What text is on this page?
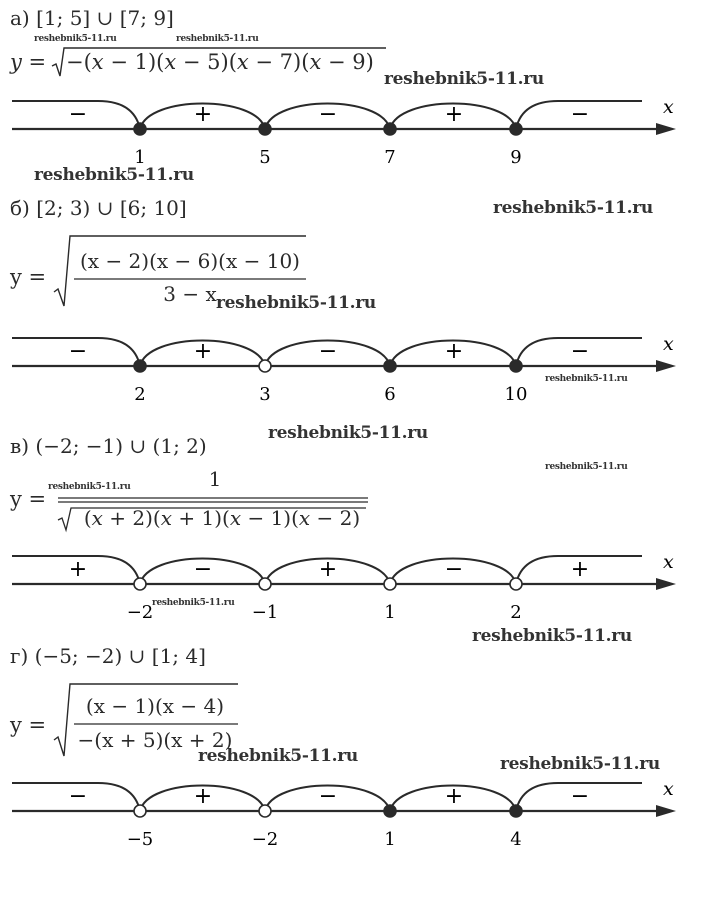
а) [1; 5] ∪ [7; 9]
y = −(x − 1)(x − 5)(x − 7)(x − 9)
б) [2; 3) ∪ [6; 10]
y =
(x − 2)(x − 6)(x − 10)
3 − x
в) (−2; −1) ∪ (1; 2)
y =
1
(x + 2)(x + 1)(x − 1)(x − 2)
г) (−5; −2) ∪ [1; 4]
y =
(x − 1)(x − 4)
−(x + 5)(x + 2)
x
−	+	−	+	−
1	5	7	9
x
−	+	−	+	−
2	3	6	10
x
+	−	+	−	+
−2	−1	1	2
x
−	+	−	+	−
−5	−2	1	4
reshebnik5-11.ru	reshebnik5-11.ru
reshebnik5-11.ru
reshebnik5-11.ru
reshebnik5-11.ru
reshebnik5-11.ru
reshebnik5-11.ru
reshebnik5-11.ru
reshebnik5-11.ru
reshebnik5-11.ru
reshebnik5-11.ru
reshebnik5-11.ru
reshebnik5-11.ru	reshebnik5-11.ru
